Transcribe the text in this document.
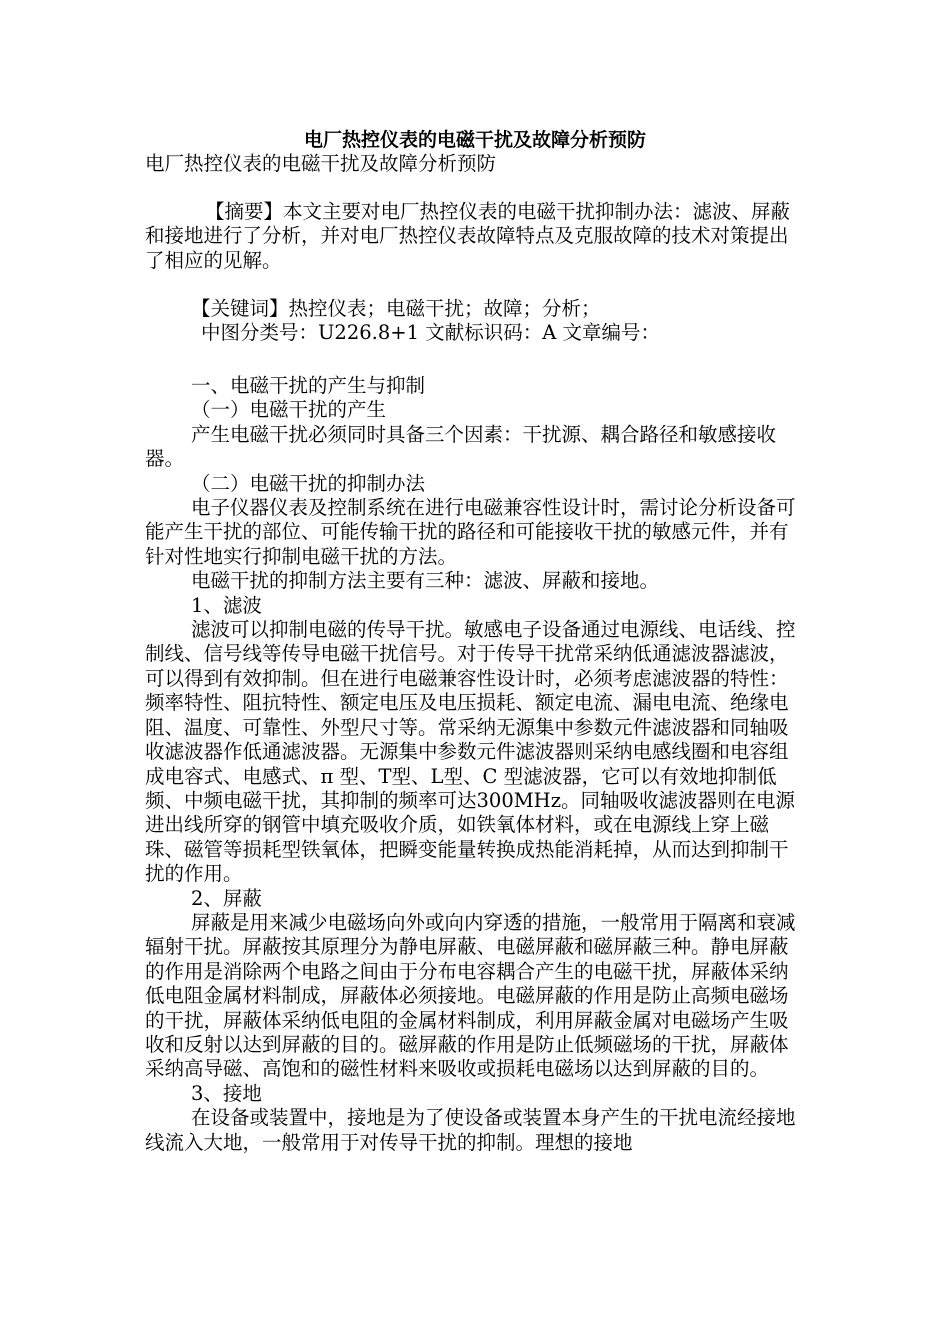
电厂热控仪表的电磁干扰及故障分析预防

电厂热控仪表的电磁干扰及故障分析预防

【摘要】本文主要对电厂热控仪表的电磁干扰抑制办法：滤波、屏蔽和接地进行了分析，并对电厂热控仪表故障特点及克服故障的技术对策提出了相应的见解。

【关键词】热控仪表；电磁干扰；故障；分析；

中图分类号：U226.8+1 文献标识码：A 文章编号：

一、电磁干扰的产生与抑制

（一）电磁干扰的产生

产生电磁干扰必须同时具备三个因素：干扰源、耦合路径和敏感接收器。

（二）电磁干扰的抑制办法

电子仪器仪表及控制系统在进行电磁兼容性设计时，需讨论分析设备可能产生干扰的部位、可能传输干扰的路径和可能接收干扰的敏感元件，并有针对性地实行抑制电磁干扰的方法。

电磁干扰的抑制方法主要有三种：滤波、屏蔽和接地。

1、滤波

滤波可以抑制电磁的传导干扰。敏感电子设备通过电源线、电话线、控制线、信号线等传导电磁干扰信号。对于传导干扰常采纳低通滤波器滤波，可以得到有效抑制。但在进行电磁兼容性设计时，必须考虑滤波器的特性：频率特性、阻抗特性、额定电压及电压损耗、额定电流、漏电电流、绝缘电阻、温度、可靠性、外型尺寸等。常采纳无源集中参数元件滤波器和同轴吸收滤波器作低通滤波器。无源集中参数元件滤波器则采纳电感线圈和电容组成电容式、电感式、π 型、T型、L型、C 型滤波器，它可以有效地抑制低频、中频电磁干扰，其抑制的频率可达300MHz。同轴吸收滤波器则在电源进出线所穿的钢管中填充吸收介质，如铁氧体材料，或在电源线上穿上磁珠、磁管等损耗型铁氧体，把瞬变能量转换成热能消耗掉，从而达到抑制干扰的作用。

2、屏蔽

屏蔽是用来减少电磁场向外或向内穿透的措施，一般常用于隔离和衰减辐射干扰。屏蔽按其原理分为静电屏蔽、电磁屏蔽和磁屏蔽三种。静电屏蔽的作用是消除两个电路之间由于分布电容耦合产生的电磁干扰，屏蔽体采纳低电阻金属材料制成，屏蔽体必须接地。电磁屏蔽的作用是防止高频电磁场的干扰，屏蔽体采纳低电阻的金属材料制成，利用屏蔽金属对电磁场产生吸收和反射以达到屏蔽的目的。磁屏蔽的作用是防止低频磁场的干扰，屏蔽体采纳高导磁、高饱和的磁性材料来吸收或损耗电磁场以达到屏蔽的目的。

3、接地

在设备或装置中，接地是为了使设备或装置本身产生的干扰电流经接地线流入大地，一般常用于对传导干扰的抑制。理想的接地
